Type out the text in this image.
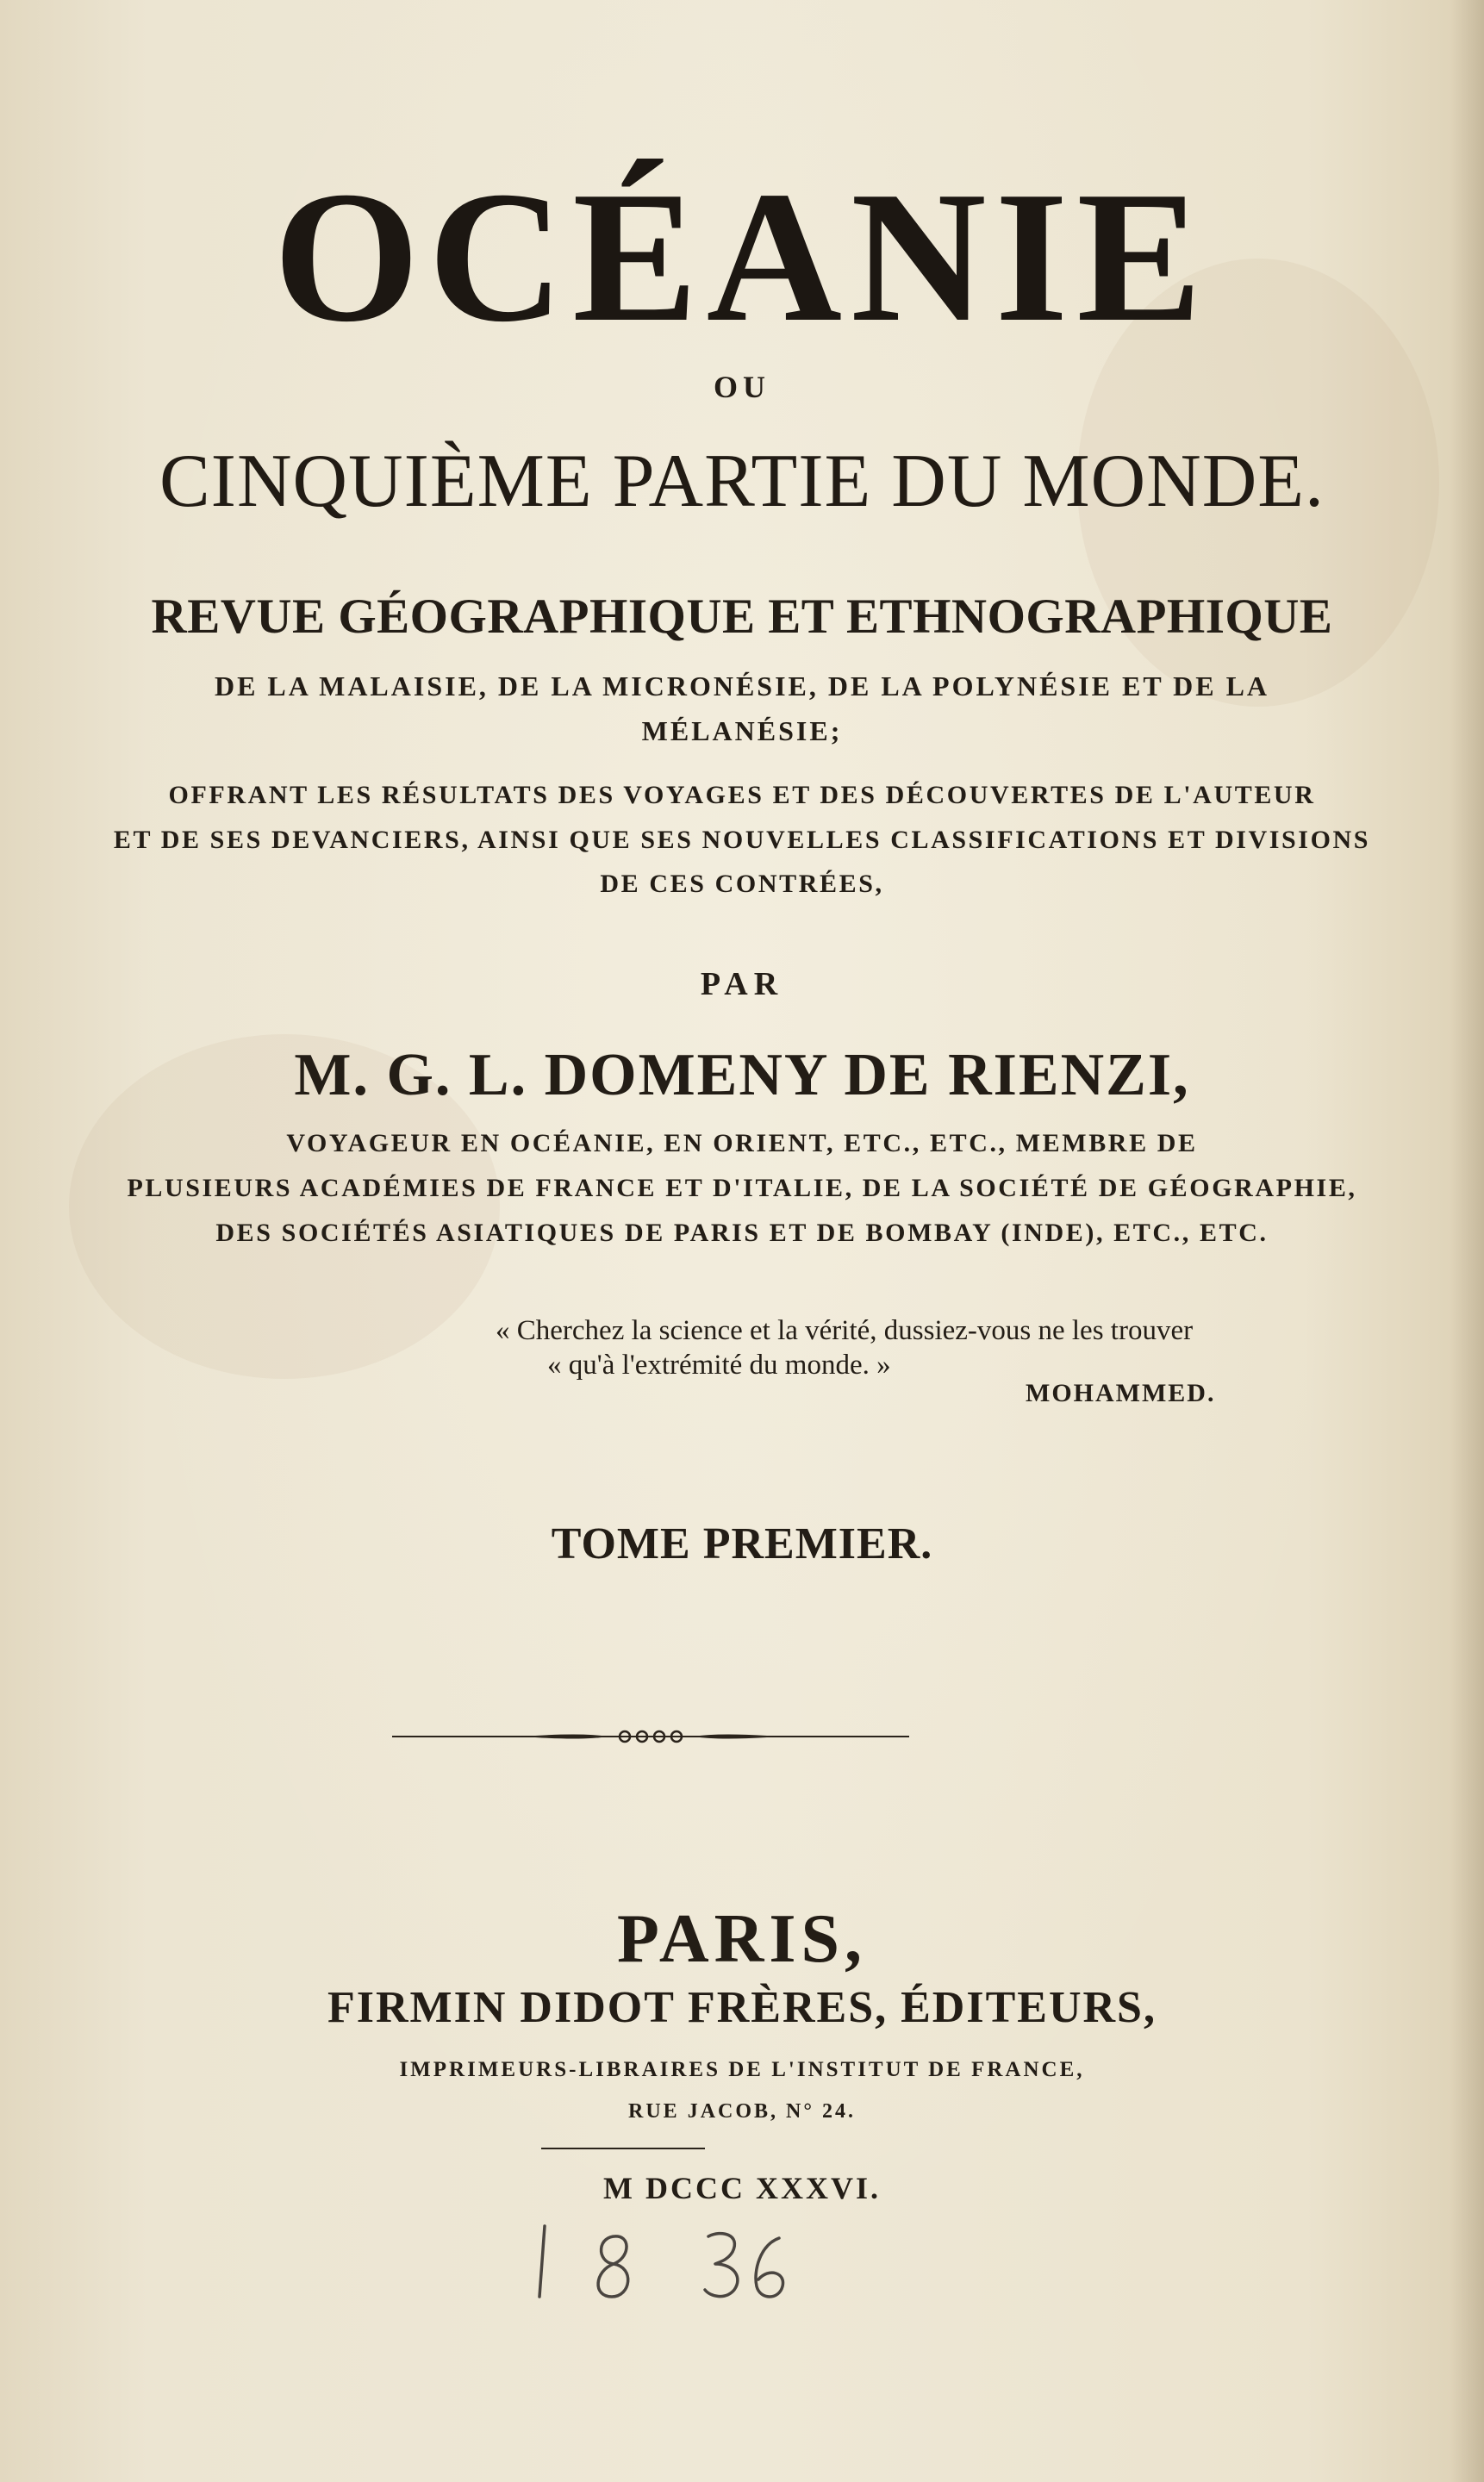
OCÉANIE
OU
CINQUIÈME PARTIE DU MONDE.
REVUE GÉOGRAPHIQUE ET ETHNOGRAPHIQUE
DE LA MALAISIE, DE LA MICRONÉSIE, DE LA POLYNÉSIE ET DE LA
MÉLANÉSIE;
OFFRANT LES RÉSULTATS DES VOYAGES ET DES DÉCOUVERTES DE L'AUTEUR
ET DE SES DEVANCIERS, AINSI QUE SES NOUVELLES CLASSIFICATIONS ET DIVISIONS
DE CES CONTRÉES,
PAR
M. G. L. DOMENY DE RIENZI,
VOYAGEUR EN OCÉANIE, EN ORIENT, ETC., ETC., MEMBRE DE
PLUSIEURS ACADÉMIES DE FRANCE ET D'ITALIE, DE LA SOCIÉTÉ DE GÉOGRAPHIE,
DES SOCIÉTÉS ASIATIQUES DE PARIS ET DE BOMBAY (INDE), ETC., ETC.
« Cherchez la science et la vérité, dussiez-vous ne les trouver
« qu'à l'extrémité du monde. »
MOHAMMED.
TOME PREMIER.
PARIS,
FIRMIN DIDOT FRÈRES, ÉDITEURS,
IMPRIMEURS-LIBRAIRES DE L'INSTITUT DE FRANCE,
RUE JACOB, N° 24.
M DCCC XXXVI.
